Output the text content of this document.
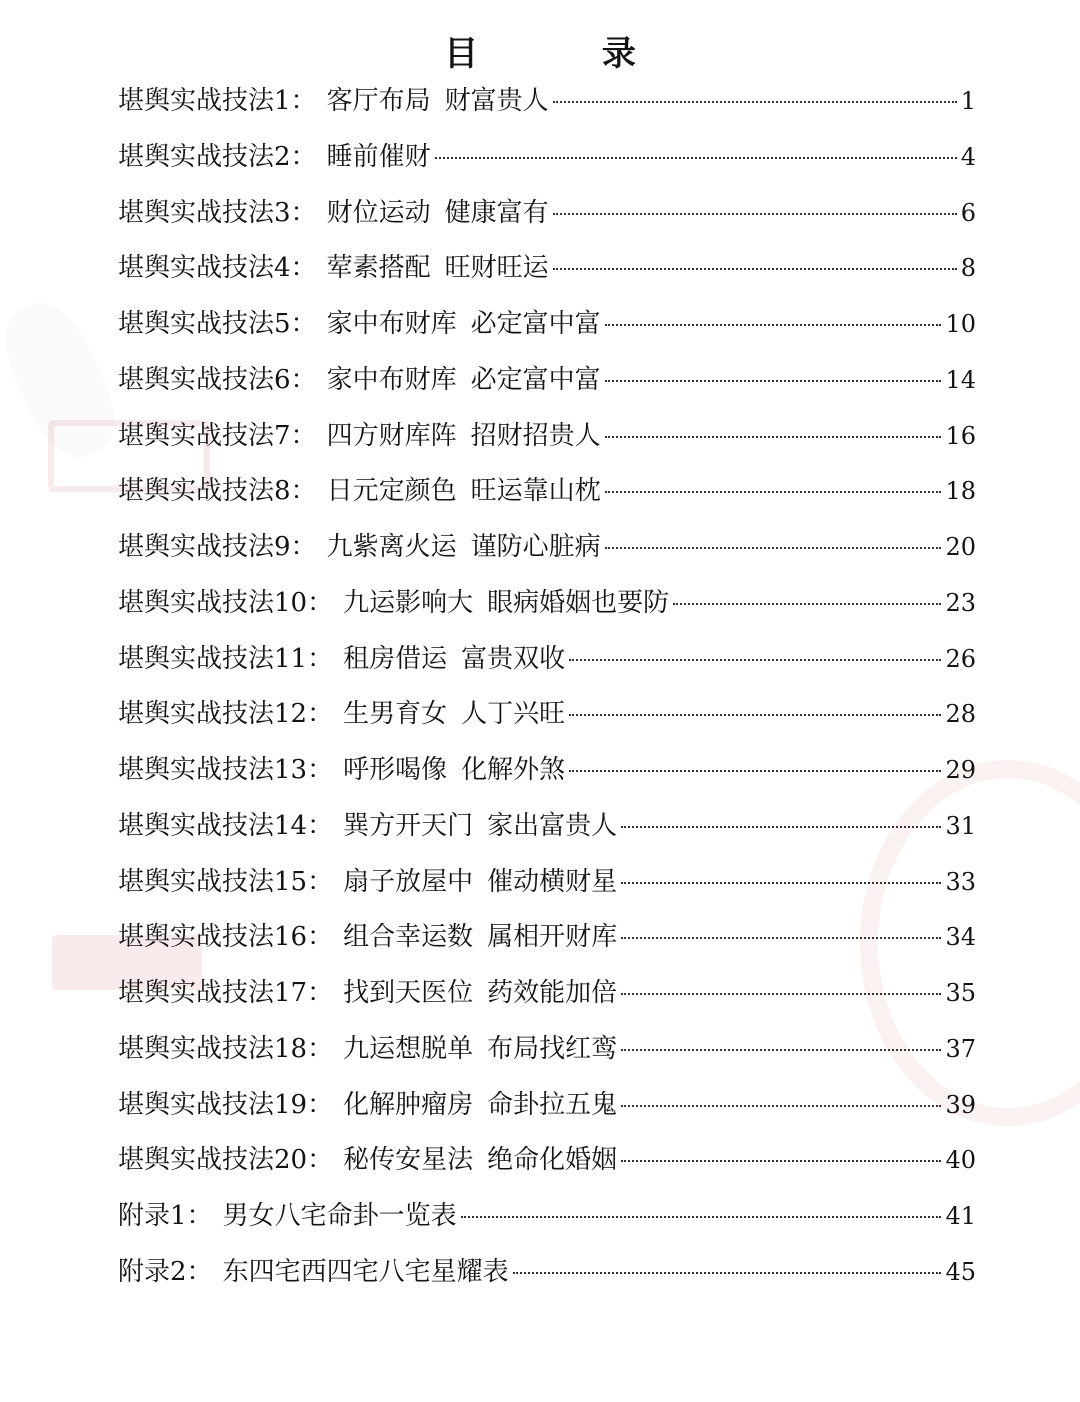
目 录
堪舆实战技法1 ： 客厅布局 财富贵人	1
堪舆实战技法2 ： 睡前催财	4
堪舆实战技法3 ： 财位运动 健康富有	6
堪舆实战技法4 ： 荤素搭配 旺财旺运	8
堪舆实战技法5 ： 家中布财库 必定富中富	10
堪舆实战技法6 ： 家中布财库 必定富中富	14
堪舆实战技法7 ： 四方财库阵 招财招贵人	16
堪舆实战技法8 ： 日元定颜色 旺运靠山枕	18
堪舆实战技法9 ： 九紫离火运 谨防心脏病	20
堪舆实战技法10 ： 九运影响大 眼病婚姻也要防	23
堪舆实战技法11 ： 租房借运 富贵双收	26
堪舆实战技法12 ： 生男育女 人丁兴旺	28
堪舆实战技法13 ： 呼形喝像 化解外煞	29
堪舆实战技法14 ： 巽方开天门 家出富贵人	31
堪舆实战技法15 ： 扇子放屋中 催动横财星	33
堪舆实战技法16 ： 组合幸运数 属相开财库	34
堪舆实战技法17 ： 找到天医位 药效能加倍	35
堪舆实战技法18 ： 九运想脱单 布局找红鸾	37
堪舆实战技法19 ： 化解肿瘤房 命卦拉五鬼	39
堪舆实战技法20 ： 秘传安星法 绝命化婚姻	40
附录1 ： 男女八宅命卦一览表	41
附录2 ： 东四宅西四宅八宅星耀表	45
